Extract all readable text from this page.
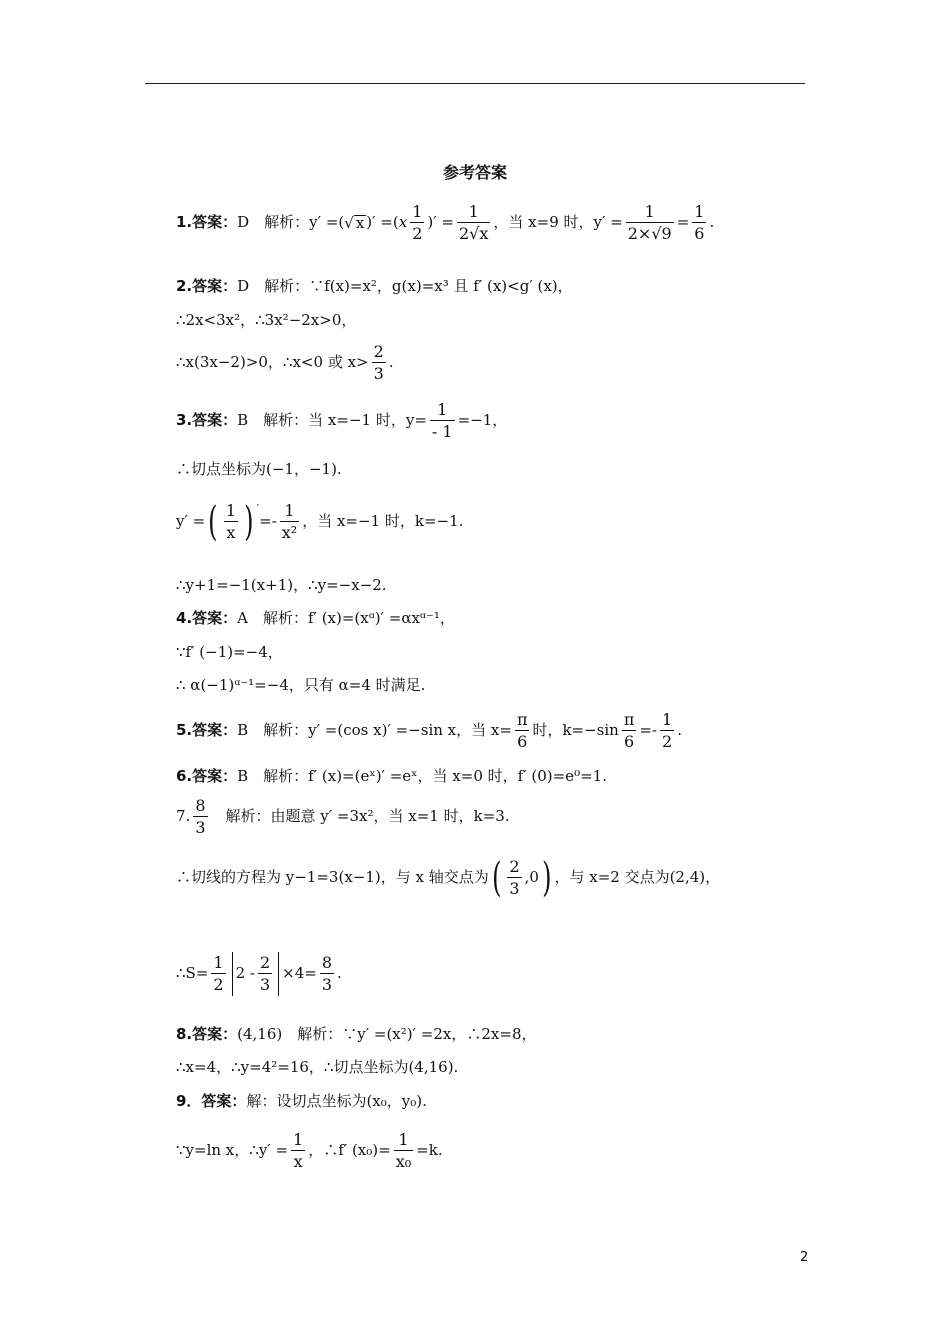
参考答案
1.答案：D　解析：y′ =(√ x )′ $=(x \frac{1}{2}$ )′ = $\frac{1}{2√x}$ ，当 x=9 时，$y' = \frac{1}{2\times√9} = \frac{1}{6}$ .
2.答案：D　解析：∵f(x)=x²，g(x)=x³ 且 f′ (x)<g′ (x)，
∴2x<3x²，∴3x²−2x>0，
∴x(3x−2)>0，∴x<0 或 $x> \frac{2}{3}$ .
3.答案：B　解析：当 x=−1 时，$y= \frac{1}{- 1} =-1$，
∴切点坐标为(−1，−1).
y′ =( $\frac{1}{x}$ ) $'=- \frac{1}{\text{x²}}$ ，当 x=−1 时，k=−1.
∴y+1=−1(x+1)，∴y=−x−2.
4.答案：A　解析：f′ (x)=(xᵅ)′ =αxᵅ⁻¹，
∵f′ (−1)=−4，
∴ α(−1)ᵅ⁻¹=−4，只有 α=4 时满足.
5.答案：B　解析：y′ =(cos x)′ =−sin x，当 $x= \frac{\pi}{6}$ 时，$k=-\sin \frac{\pi}{6} =- \frac{1}{2}$ .
6.答案：B　解析：f′ (x)=(eˣ)′ =eˣ，当 x=0 时，f′ (0)=e⁰=1.
7. $\frac{8}{3}$ 　解析：由题意 y′ =3x²，当 x=1 时，k=3.
∴切线的方程为 y−1=3(x−1)，与 x 轴交点为( $\frac{2}{3} ,0$) ，与 x=2 交点为(2,4)，
∴S= $\frac{1}{2} 2 - \frac{2}{3} \times 4= \frac{8}{3}$ .
8.答案：(4,16)　解析：∵y′ =(x²)′ =2x，∴2x=8，
∴x=4，∴y=4²=16，∴切点坐标为(4,16).
9．答案：解：设切点坐标为(x₀，y₀).
∵y=ln x，∴y′ = $\frac{1}{x}$ ，∴f′ $(x_0)= \frac{1}{\text{x₀}} =k$.
2
